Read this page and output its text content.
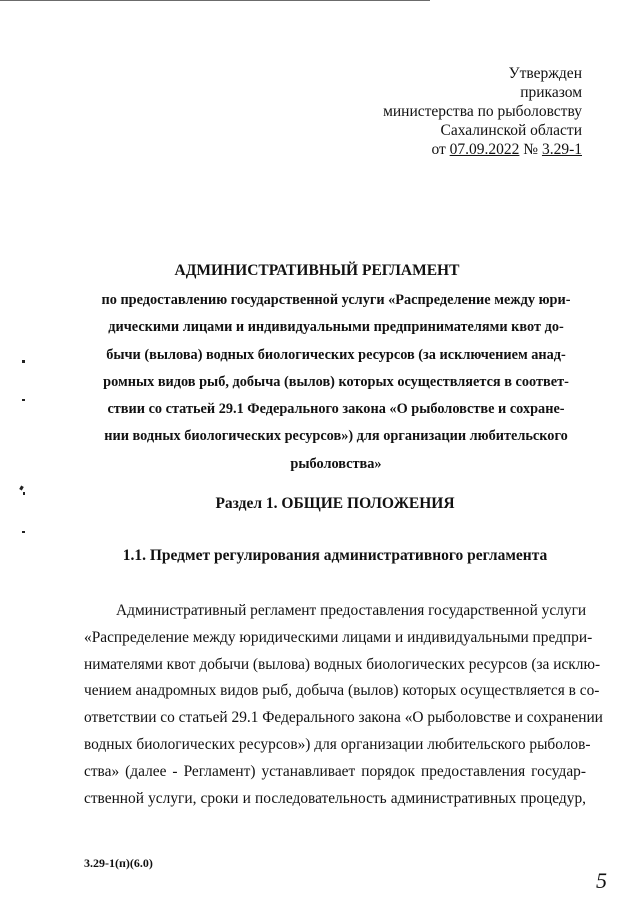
Утвержден
приказом
министерства по рыболовству
Сахалинской области
от 07.09.2022 № 3.29-1
АДМИНИСТРАТИВНЫЙ РЕГЛАМЕНТ
по предоставлению государственной услуги «Распределение между юри-
дическими лицами и индивидуальными предпринимателями квот до-
бычи (вылова) водных биологических ресурсов (за исключением анад-
ромных видов рыб, добыча (вылов) которых осуществляется в соответ-
ствии со статьей 29.1 Федерального закона «О рыболовстве и сохране-
нии водных биологических ресурсов») для организации любительского
рыболовства»
Раздел 1. ОБЩИЕ ПОЛОЖЕНИЯ
1.1. Предмет регулирования административного регламента
Административный регламент предоставления государственной услуги
«Распределение между юридическими лицами и индивидуальными предпри-
нимателями квот добычи (вылова) водных биологических ресурсов (за исклю-
чением анадромных видов рыб, добыча (вылов) которых осуществляется в со-
ответствии со статьей 29.1 Федерального закона «О рыболовстве и сохранении
водных биологических ресурсов») для организации любительского рыболов-
ства» (далее - Регламент) устанавливает порядок предоставления государ-
ственной услуги, сроки и последовательность административных процедур,
3.29-1(п)(6.0)
5
